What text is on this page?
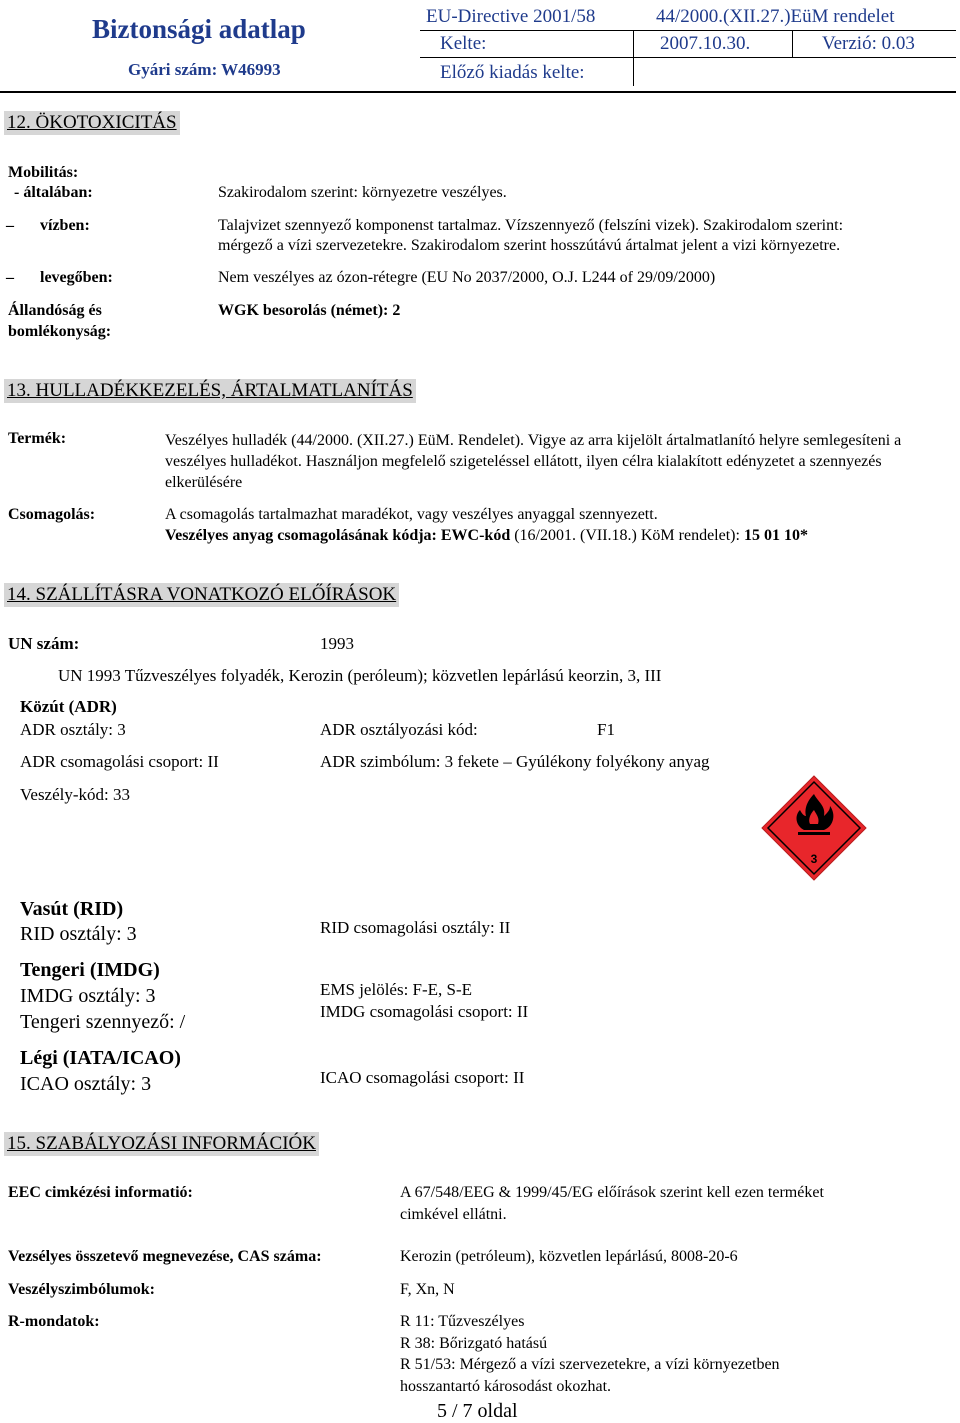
Biztonsági adatlap
Gyári szám: W46993
EU-Directive 2001/58	44/2000.(XII.27.)EüM rendelet
Kelte:	2007.10.30.	Verzió: 0.03
Előző kiadás kelte:
12. ÖKOTOXICITÁS
Mobilitás:
- általában:	Szakirodalom szerint: környezetre veszélyes.
– vízben:	Talajvizet szennyező komponenst tartalmaz. Vízszennyező (felszíni vizek). Szakirodalom szerint:
mérgező a vízi szervezetekre. Szakirodalom szerint hosszútávú ártalmat jelent a vizi környezetre.
– levegőben:	Nem veszélyes az ózon-rétegre (EU No 2037/2000, O.J. L244 of 29/09/2000)
Állandóság és
bomlékonyság:
WGK besorolás (német): 2
13. HULLADÉKKEZELÉS, ÁRTALMATLANÍTÁS
Termék:	Veszélyes hulladék (44/2000. (XII.27.) EüM. Rendelet). Vigye az arra kijelölt ártalmatlanító helyre semlegesíteni a veszélyes hulladékot. Használjon megfelelő szigeteléssel ellátott, ilyen célra kialakított edényzetet a szennyezés elkerülésére
Csomagolás:	A csomagolás tartalmazhat maradékot, vagy veszélyes anyaggal szennyezett.
Veszélyes anyag csomagolásának kódja: EWC-kód (16/2001. (VII.18.) KöM rendelet): 15 01 10*
14. SZÁLLÍTÁSRA VONATKOZÓ ELŐÍRÁSOK
UN szám:	1993
UN 1993 Tűzveszélyes folyadék, Kerozin (peróleum); közvetlen lepárlású keorzin, 3, III
Közút (ADR)
ADR osztály: 3	ADR osztályozási kód:	F1
ADR csomagolási csoport: II	ADR szimbólum: 3 fekete – Gyúlékony folyékony anyag
Veszély-kód: 33
3
Vasút (RID)
RID osztály: 3	RID csomagolási osztály: II
Tengeri (IMDG)
IMDG osztály: 3
Tengeri szennyező: /
EMS jelölés: F-E, S-E
IMDG csomagolási csoport: II
Légi (IATA/ICAO)
ICAO osztály: 3	ICAO csomagolási csoport: II
15. SZABÁLYOZÁSI INFORMÁCIÓK
EEC cimkézési informatió:	A 67/548/EEG & 1999/45/EG előírások szerint kell ezen terméket
cimkével ellátni.
Vezsélyes összetevő megnevezése, CAS száma:	Kerozin (petróleum), közvetlen lepárlású, 8008-20-6
Veszélyszimbólumok:	F, Xn, N
R-mondatok:	R 11: Tűzveszélyes
R 38: Bőrizgató hatású
R 51/53: Mérgező a vízi szervezetekre, a vízi környezetben
hosszantartó károsodást okozhat.
5 / 7 oldal
